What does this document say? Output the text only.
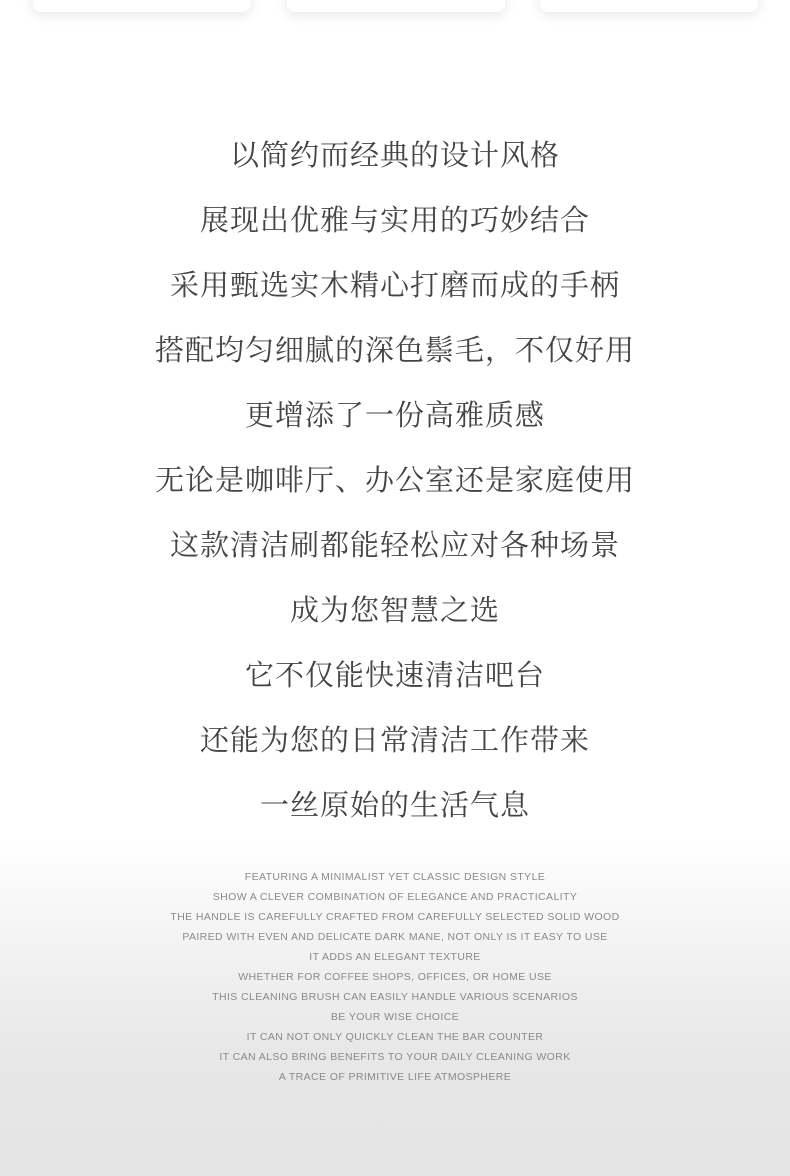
以简约而经典的设计风格
展现出优雅与实用的巧妙结合
采用甄选实木精心打磨而成的手柄
搭配均匀细腻的深色鬃毛，不仅好用
更增添了一份高雅质感
无论是咖啡厅、办公室还是家庭使用
这款清洁刷都能轻松应对各种场景
成为您智慧之选
它不仅能快速清洁吧台
还能为您的日常清洁工作带来
一丝原始的生活气息
FEATURING A MINIMALIST YET CLASSIC DESIGN STYLE
SHOW A CLEVER COMBINATION OF ELEGANCE AND PRACTICALITY
THE HANDLE IS CAREFULLY CRAFTED FROM CAREFULLY SELECTED SOLID WOOD
PAIRED WITH EVEN AND DELICATE DARK MANE, NOT ONLY IS IT EASY TO USE
IT ADDS AN ELEGANT TEXTURE
WHETHER FOR COFFEE SHOPS, OFFICES, OR HOME USE
THIS CLEANING BRUSH CAN EASILY HANDLE VARIOUS SCENARIOS
BE YOUR WISE CHOICE
IT CAN NOT ONLY QUICKLY CLEAN THE BAR COUNTER
IT CAN ALSO BRING BENEFITS TO YOUR DAILY CLEANING WORK
A TRACE OF PRIMITIVE LIFE ATMOSPHERE
